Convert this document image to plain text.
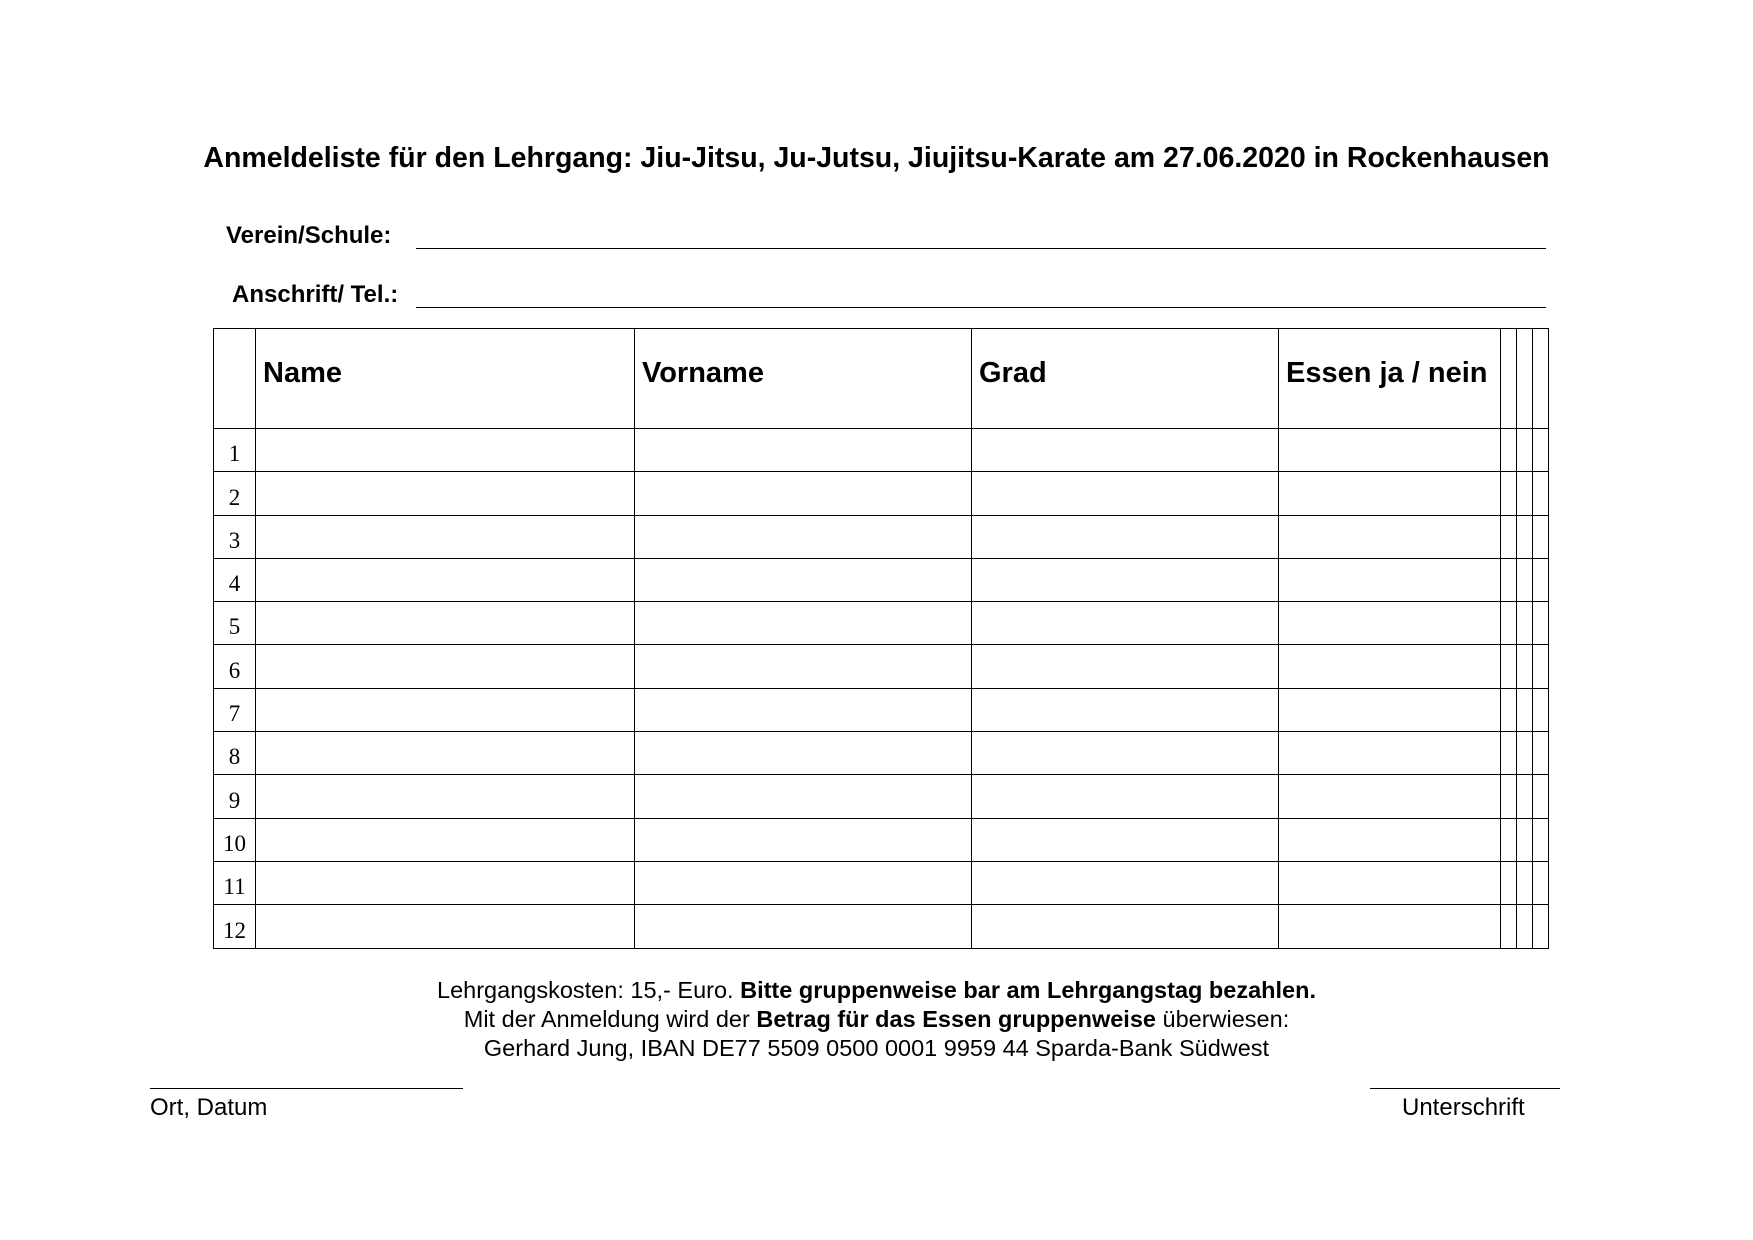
Anmeldeliste für den Lehrgang: Jiu-Jitsu, Ju-Jutsu, Jiujitsu-Karate am 27.06.2020 in Rockenhausen
Verein/Schule:
Anschrift/ Tel.:
	Name	Vorname	Grad	Essen ja / nein			
1							
2							
3							
4							
5							
6							
7							
8							
9							
10							
11							
12							

Lehrgangskosten: 15,- Euro. Bitte gruppenweise bar am Lehrgangstag bezahlen.

Mit der Anmeldung wird der Betrag für das Essen gruppenweise überwiesen:

Gerhard Jung, IBAN DE77 5509 0500 0001 9959 44 Sparda-Bank Südwest

Ort, Datum	Unterschrift
